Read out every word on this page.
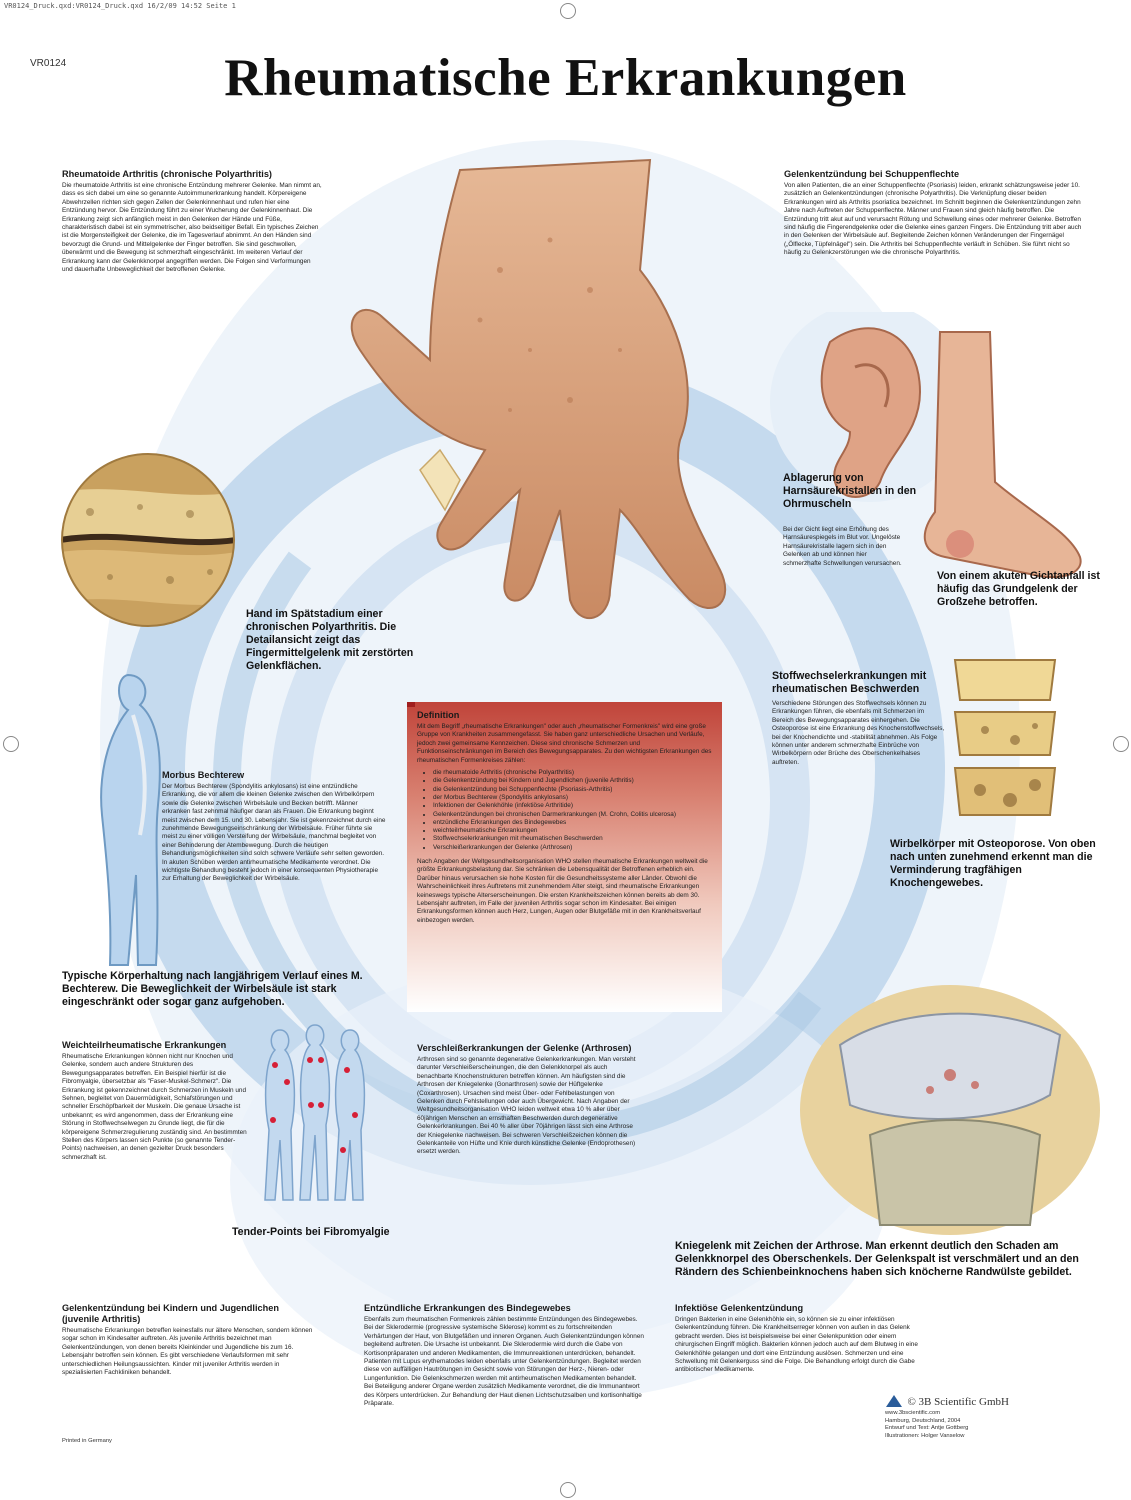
VR0124_Druck.qxd:VR0124_Druck.qxd 16/2/09 14:52 Seite 1
VR0124	Rheumatische Erkrankungen
Rheumatoide Arthritis (chronische Polyarthritis)

Die rheumatoide Arthritis ist eine chronische Entzündung mehrerer Gelenke. Man nimmt an, dass es sich dabei um eine so genannte Autoimmunerkrankung handelt. Körpereigene Abwehrzellen richten sich gegen Zellen der Gelenkinnenhaut und rufen hier eine Entzündung hervor. Die Entzündung führt zu einer Wucherung der Gelenkinnenhaut. Die Erkrankung zeigt sich anfänglich meist in den Gelenken der Hände und Füße, charakteristisch dabei ist ein symmetrischer, also beidseitiger Befall. Ein typisches Zeichen ist die Morgensteifigkeit der Gelenke, die im Tagesverlauf abnimmt. An den Händen sind bevorzugt die Grund- und Mittelgelenke der Finger betroffen. Sie sind geschwollen, überwärmt und die Bewegung ist schmerzhaft eingeschränkt. Im weiteren Verlauf der Erkrankung kann der Gelenkknorpel angegriffen werden. Die Folgen sind Verformungen und dauerhafte Unbeweglichkeit der betroffenen Gelenke.

Hand im Spätstadium einer chronischen Polyarthritis. Die Detailansicht zeigt das Fingermittelgelenk mit zerstörten Gelenkflächen.
Gelenkentzündung bei Schuppenflechte

Von allen Patienten, die an einer Schuppenflechte (Psoriasis) leiden, erkrankt schätzungsweise jeder 10. zusätzlich an Gelenkentzündungen (chronische Polyarthritis). Die Verknüpfung dieser beiden Erkrankungen wird als Arthritis psoriatica bezeichnet. Im Schnitt beginnen die Gelenkentzündungen zehn Jahre nach Auftreten der Schuppenflechte. Männer und Frauen sind gleich häufig betroffen. Die Entzündung tritt akut auf und verursacht Rötung und Schwellung eines oder mehrerer Gelenke. Betroffen sind häufig die Fingerendgelenke oder die Gelenke eines ganzen Fingers. Die Entzündung tritt aber auch in den Gelenken der Wirbelsäule auf. Begleitende Zeichen können Veränderungen der Fingernägel („Ölflecke, Tüpfelnägel") sein. Die Arthritis bei Schuppenflechte verläuft in Schüben. Sie führt nicht so häufig zu Gelenkzerstörungen wie die chronische Polyarthritis.

Ablagerung von Harnsäurekristallen in den Ohrmuscheln

Bei der Gicht liegt eine Erhöhung des Harnsäurespiegels im Blut vor. Ungelöste Harnsäurekristalle lagern sich in den Gelenken ab und können hier schmerzhafte Schwellungen verursachen.

Von einem akuten Gichtanfall ist häufig das Grundgelenk der Großzehe betroffen.
Stoffwechselerkrankungen mit rheumatischen Beschwerden

Verschiedene Störungen des Stoffwechsels können zu Erkrankungen führen, die ebenfalls mit Schmerzen im Bereich des Bewegungsapparates einhergehen. Die Osteoporose ist eine Erkrankung des Knochenstoffwechsels, bei der Knochendichte und -stabilität abnehmen. Als Folge können unter anderem schmerzhafte Einbrüche von Wirbelkörpern oder Brüche des Oberschenkelhalses auftreten.

Wirbelkörper mit Osteoporose. Von oben nach unten zunehmend erkennt man die Verminderung tragfähigen Knochengewebes.
Morbus Bechterew

Der Morbus Bechterew (Spondylitis ankylosans) ist eine entzündliche Erkrankung, die vor allem die kleinen Gelenke zwischen den Wirbelkörpern sowie die Gelenke zwischen Wirbelsäule und Becken betrifft. Männer erkranken fast zehnmal häufiger daran als Frauen. Die Erkrankung beginnt meist zwischen dem 15. und 30. Lebensjahr. Sie ist gekennzeichnet durch eine zunehmende Bewegungseinschränkung der Wirbelsäule. Früher führte sie meist zu einer völligen Versteifung der Wirbelsäule, manchmal begleitet von einer Behinderung der Atembewegung. Durch die heutigen Behandlungsmöglichkeiten sind solch schwere Verläufe sehr selten geworden. In akuten Schüben werden antirheumatische Medikamente verordnet. Die wichtigste Behandlung besteht jedoch in einer konsequenten Physiotherapie zur Erhaltung der Beweglichkeit der Wirbelsäule.

Typische Körperhaltung nach langjährigem Verlauf eines M. Bechterew. Die Beweglichkeit der Wirbelsäule ist stark eingeschränkt oder sogar ganz aufgehoben.
Definition

Mit dem Begriff „rheumatische Erkrankungen" oder auch „rheumatischer Formenkreis" wird eine große Gruppe von Krankheiten zusammengefasst. Sie haben ganz unterschiedliche Ursachen und Verläufe, jedoch zwei gemeinsame Kennzeichen. Diese sind chronische Schmerzen und Funktionseinschränkungen im Bereich des Bewegungsapparates. Zu den wichtigsten Erkrankungen des rheumatischen Formenkreises zählen:

• die rheumatoide Arthritis (chronische Polyarthritis)
• die Gelenkentzündung bei Kindern und Jugendlichen (juvenile Arthritis)
• die Gelenkentzündung bei Schuppenflechte (Psoriasis-Arthritis)
• der Morbus Bechterew (Spondylitis ankylosans)
• Infektionen der Gelenkhöhle (infektiöse Arthritide)
• Gelenkentzündungen bei chronischen Darmerkrankungen (M. Crohn, Colitis ulcerosa)
• entzündliche Erkrankungen des Bindegewebes
• weichteilrheumatische Erkrankungen
• Stoffwechselerkrankungen mit rheumatischen Beschwerden
• Verschleißerkrankungen der Gelenke (Arthrosen)

Nach Angaben der Weltgesundheitsorganisation WHO stellen rheumatische Erkrankungen weltweit die größte Erkrankungsbelastung dar. Sie schränken die Lebensqualität der Betroffenen erheblich ein. Darüber hinaus verursachen sie hohe Kosten für die Gesundheitssysteme aller Länder. Obwohl die Wahrscheinlichkeit ihres Auftretens mit zunehmendem Alter steigt, sind rheumatische Erkrankungen keineswegs typische Alterserscheinungen. Die ersten Krankheitszeichen können bereits ab dem 30. Lebensjahr auftreten, im Falle der juvenilen Arthritis sogar schon im Kindesalter. Bei einigen Erkrankungsformen können auch Herz, Lungen, Augen oder Blutgefäße mit in den Krankheitsverlauf einbezogen werden.

Weichteilrheumatische Erkrankungen

Rheumatische Erkrankungen können nicht nur Knochen und Gelenke, sondern auch andere Strukturen des Bewegungsapparates betreffen. Ein Beispiel hierfür ist die Fibromyalgie, übersetzbar als "Faser-Muskel-Schmerz". Die Erkrankung ist gekennzeichnet durch Schmerzen in Muskeln und Sehnen, begleitet von Dauermüdigkeit, Schlafstörungen und schneller Erschöpfbarkeit der Muskeln. Die genaue Ursache ist unbekannt; es wird angenommen, dass der Erkrankung eine Störung in Stoffwechselwegen zu Grunde liegt, die für die körpereigene Schmerzregulierung zuständig sind. An bestimmten Stellen des Körpers lassen sich Punkte (so genannte Tender-Points) nachweisen, an denen gezielter Druck besonders schmerzhaft ist.

Tender-Points bei Fibromyalgie
Verschleißerkrankungen der Gelenke (Arthrosen)

Arthrosen sind so genannte degenerative Gelenkerkrankungen. Man versteht darunter Verschleißerscheinungen, die den Gelenkknorpel als auch benachbarte Knochenstrukturen betreffen können. Am häufigsten sind die Arthrosen der Kniegelenke (Gonarthrosen) sowie der Hüftgelenke (Coxarthrosen). Ursachen sind meist Über- oder Fehlbelastungen von Gelenken durch Fehlstellungen oder auch Übergewicht. Nach Angaben der Weltgesundheitsorganisation WHO leiden weltweit etwa 10 % aller über 60jährigen Menschen an ernsthaften Beschwerden durch degenerative Gelenkerkrankungen. Bei 40 % aller über 70jährigen lässt sich eine Arthrose der Kniegelenke nachweisen. Bei schweren Verschleißzeichen können die Gelenkanteile von Hüfte und Knie durch künstliche Gelenke (Endoprothesen) ersetzt werden.

Kniegelenk mit Zeichen der Arthrose. Man erkennt deutlich den Schaden am Gelenkknorpel des Oberschenkels. Der Gelenkspalt ist verschmälert und an den Rändern des Schienbeinknochens haben sich knöcherne Randwülste gebildet.
Gelenkentzündung bei Kindern und Jugendlichen (juvenile Arthritis)

Rheumatische Erkrankungen betreffen keinesfalls nur ältere Menschen, sondern können sogar schon im Kindesalter auftreten. Als juvenile Arthritis bezeichnet man Gelenkentzündungen, von denen bereits Kleinkinder und Jugendliche bis zum 16. Lebensjahr betroffen sein können. Es gibt verschiedene Verlaufsformen mit sehr unterschiedlichen Heilungsaussichten. Kinder mit juveniler Arthritis werden in spezialisierten Fachkliniken behandelt.

Entzündliche Erkrankungen des Bindegewebes

Ebenfalls zum rheumatischen Formenkreis zählen bestimmte Entzündungen des Bindegewebes. Bei der Sklerodermie (progressive systemische Sklerose) kommt es zu fortschreitenden Verhärtungen der Haut, von Blutgefäßen und inneren Organen. Auch Gelenkentzündungen können begleitend auftreten. Die Ursache ist unbekannt. Die Sklerodermie wird durch die Gabe von Kortisonpräparaten und anderen Medikamenten, die Immunreaktionen unterdrücken, behandelt. Patienten mit Lupus erythematodes leiden ebenfalls unter Gelenkentzündungen. Begleitet werden diese von auffälligen Hautrötungen im Gesicht sowie von Störungen der Herz-, Nieren- oder Lungenfunktion. Die Gelenkschmerzen werden mit antirheumatischen Medikamenten behandelt. Bei Beteiligung anderer Organe werden zusätzlich Medikamente verordnet, die die Immunantwort des Körpers unterdrücken. Zur Behandlung der Haut dienen Lichtschutzsalben und kortisonhaltige Präparate.

Infektiöse Gelenkentzündung

Dringen Bakterien in eine Gelenkhöhle ein, so können sie zu einer infektiösen Gelenkentzündung führen. Die Krankheitserreger können von außen in das Gelenk gebracht werden. Dies ist beispielsweise bei einer Gelenkpunktion oder einem chirurgischen Eingriff möglich. Bakterien können jedoch auch auf dem Blutweg in eine Gelenkhöhle gelangen und dort eine Entzündung auslösen. Schmerzen und eine Schwellung mit Gelenkerguss sind die Folge. Die Behandlung erfolgt durch die Gabe antibiotischer Medikamente.

© 3B Scientific GmbH
www.3bscientific.com
Hamburg, Deutschland, 2004
Entwurf und Text: Antje Gottberg
Illustrationen: Holger Vanselow
Printed in Germany
